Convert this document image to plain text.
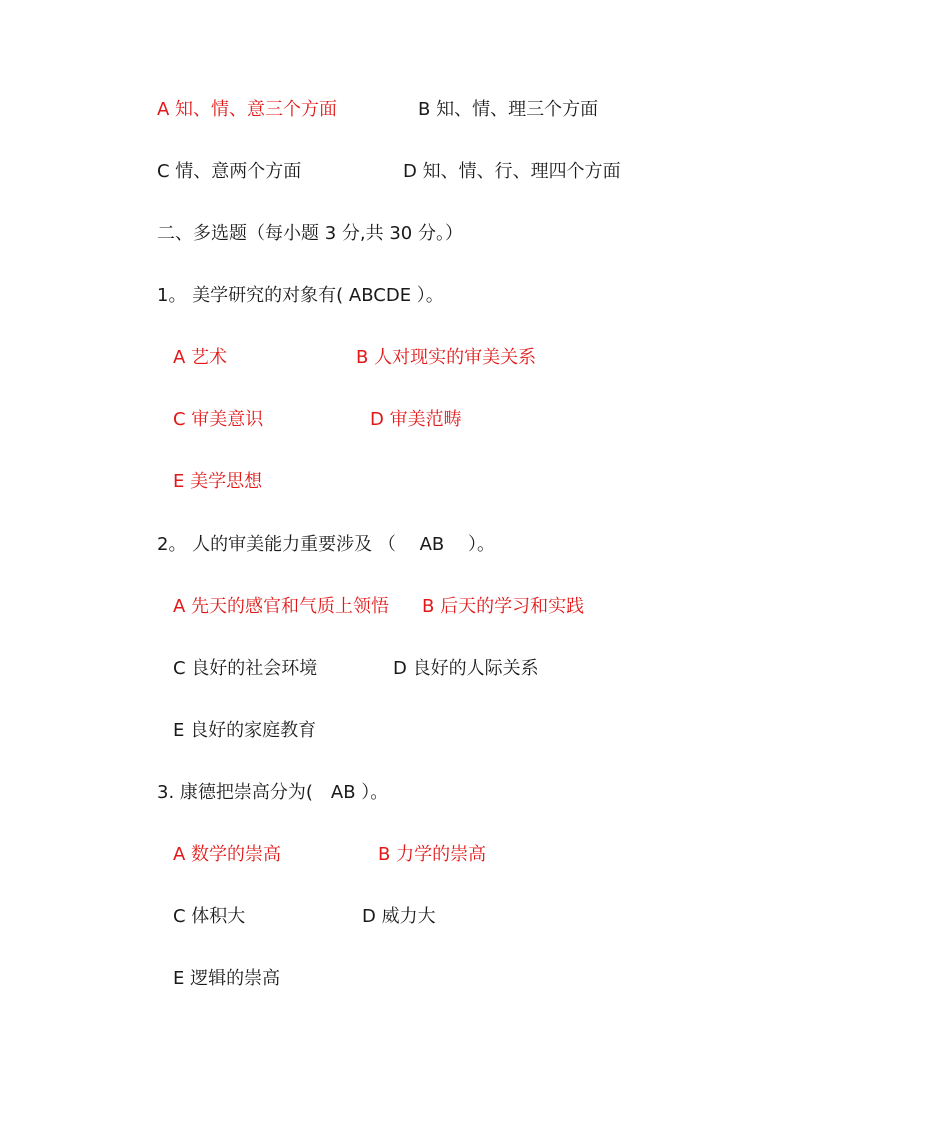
A 知、情、意三个方面	B 知、情、理三个方面
C 情、意两个方面	D 知、情、行、理四个方面
二、多选题（每小题 3 分,共 30 分。）
1。 美学研究的对象有( ABCDE ）。
A 艺术	B 人对现实的审美关系
C 审美意识	D 审美范畴
E 美学思想
2。 人的审美能力重要涉及 （　 AB　 ）。
A 先天的感官和气质上领悟 B 后天的学习和实践
C 良好的社会环境	D 良好的人际关系
E 良好的家庭教育
3. 康德把崇高分为(　AB ）。
A 数学的崇高	B 力学的崇高
C 体积大	D 威力大
E 逻辑的崇高
